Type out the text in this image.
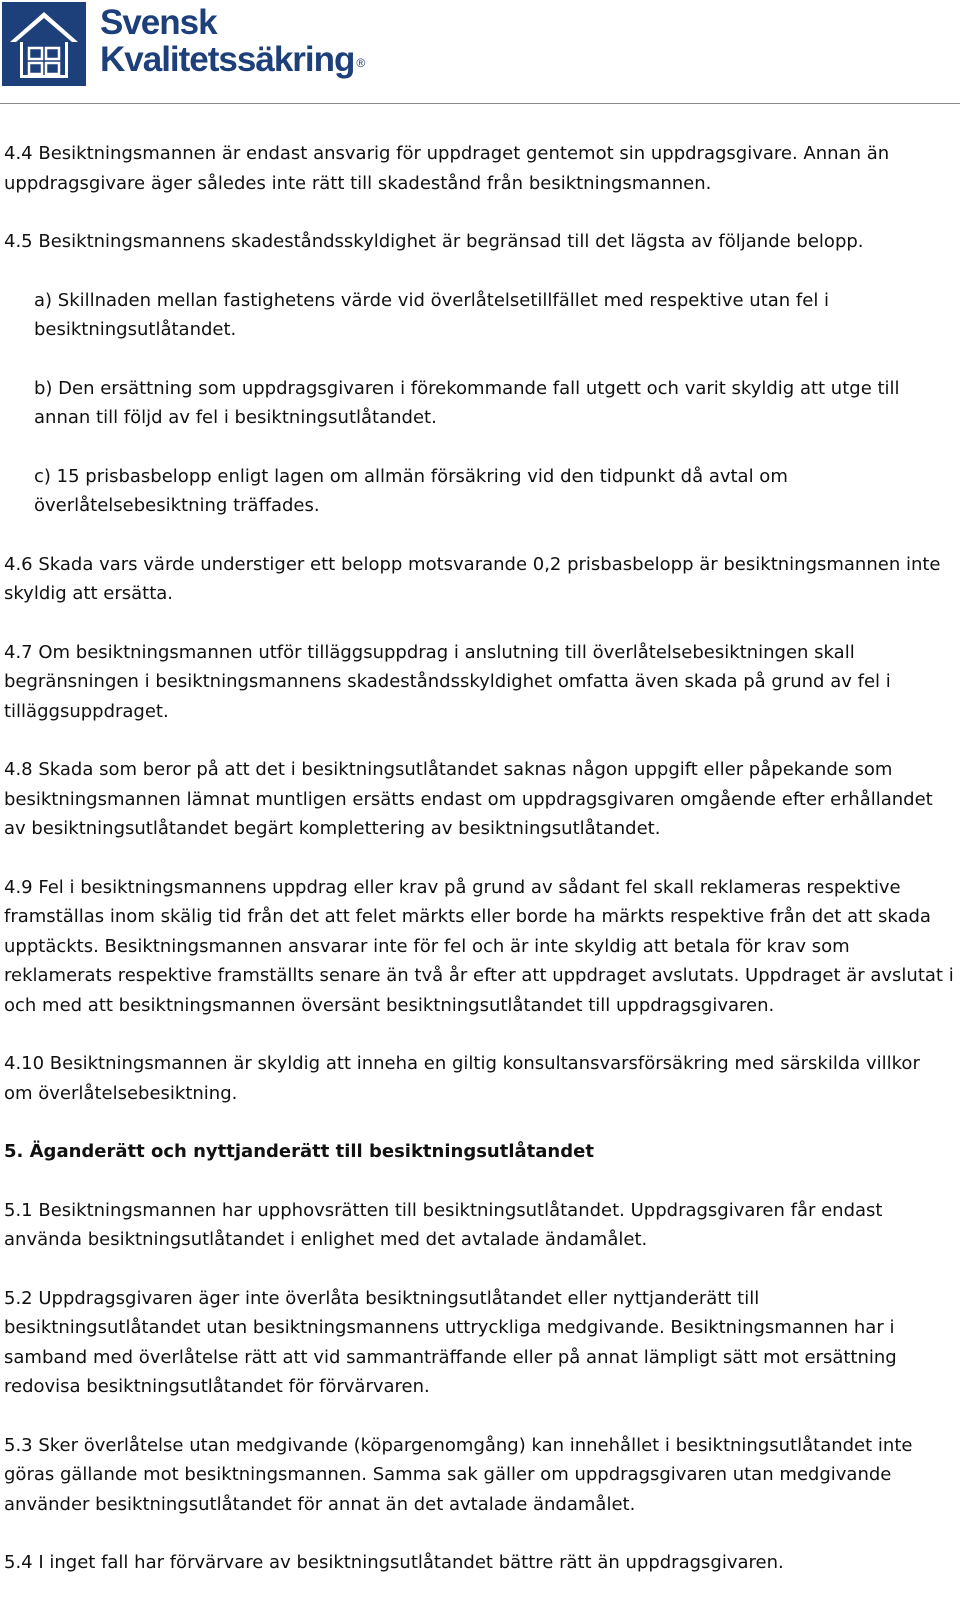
Svensk
Kvalitetssäkring ®

4.4 Besiktningsmannen är endast ansvarig för uppdraget gentemot sin uppdragsgivare. Annan än uppdragsgivare äger således inte rätt till skadestånd från besiktningsmannen.

4.5 Besiktningsmannens skadeståndsskyldighet är begränsad till det lägsta av följande belopp.

a) Skillnaden mellan fastighetens värde vid överlåtelsetillfället med respektive utan fel i besiktningsutlåtandet.

b) Den ersättning som uppdragsgivaren i förekommande fall utgett och varit skyldig att utge till annan till följd av fel i besiktningsutlåtandet.

c) 15 prisbasbelopp enligt lagen om allmän försäkring vid den tidpunkt då avtal om överlåtelsebesiktning träffades.

4.6 Skada vars värde understiger ett belopp motsvarande 0,2 prisbasbelopp är besiktningsmannen inte skyldig att ersätta.

4.7 Om besiktningsmannen utför tilläggsuppdrag i anslutning till överlåtelsebesiktningen skall begränsningen i besiktningsmannens skadeståndsskyldighet omfatta även skada på grund av fel i tilläggsuppdraget.

4.8 Skada som beror på att det i besiktningsutlåtandet saknas någon uppgift eller påpekande som besiktningsmannen lämnat muntligen ersätts endast om uppdragsgivaren omgående efter erhållandet av besiktningsutlåtandet begärt komplettering av besiktningsutlåtandet.

4.9 Fel i besiktningsmannens uppdrag eller krav på grund av sådant fel skall reklameras respektive framställas inom skälig tid från det att felet märkts eller borde ha märkts respektive från det att skada upptäckts. Besiktningsmannen ansvarar inte för fel och är inte skyldig att betala för krav som reklamerats respektive framställts senare än två år efter att uppdraget avslutats. Uppdraget är avslutat i och med att besiktningsmannen översänt besiktningsutlåtandet till uppdragsgivaren.

4.10 Besiktningsmannen är skyldig att inneha en giltig konsultansvarsförsäkring med särskilda villkor om överlåtelsebesiktning.

5. Äganderätt och nyttjanderätt till besiktningsutlåtandet

5.1 Besiktningsmannen har upphovsrätten till besiktningsutlåtandet. Uppdragsgivaren får endast använda besiktningsutlåtandet i enlighet med det avtalade ändamålet.

5.2 Uppdragsgivaren äger inte överlåta besiktningsutlåtandet eller nyttjanderätt till besiktningsutlåtandet utan besiktningsmannens uttryckliga medgivande. Besiktningsmannen har i samband med överlåtelse rätt att vid sammanträffande eller på annat lämpligt sätt mot ersättning redovisa besiktningsutlåtandet för förvärvaren.

5.3 Sker överlåtelse utan medgivande (köpargenomgång) kan innehållet i besiktningsutlåtandet inte göras gällande mot besiktningsmannen. Samma sak gäller om uppdragsgivaren utan medgivande använder besiktningsutlåtandet för annat än det avtalade ändamålet.

5.4 I inget fall har förvärvare av besiktningsutlåtandet bättre rätt än uppdragsgivaren.
